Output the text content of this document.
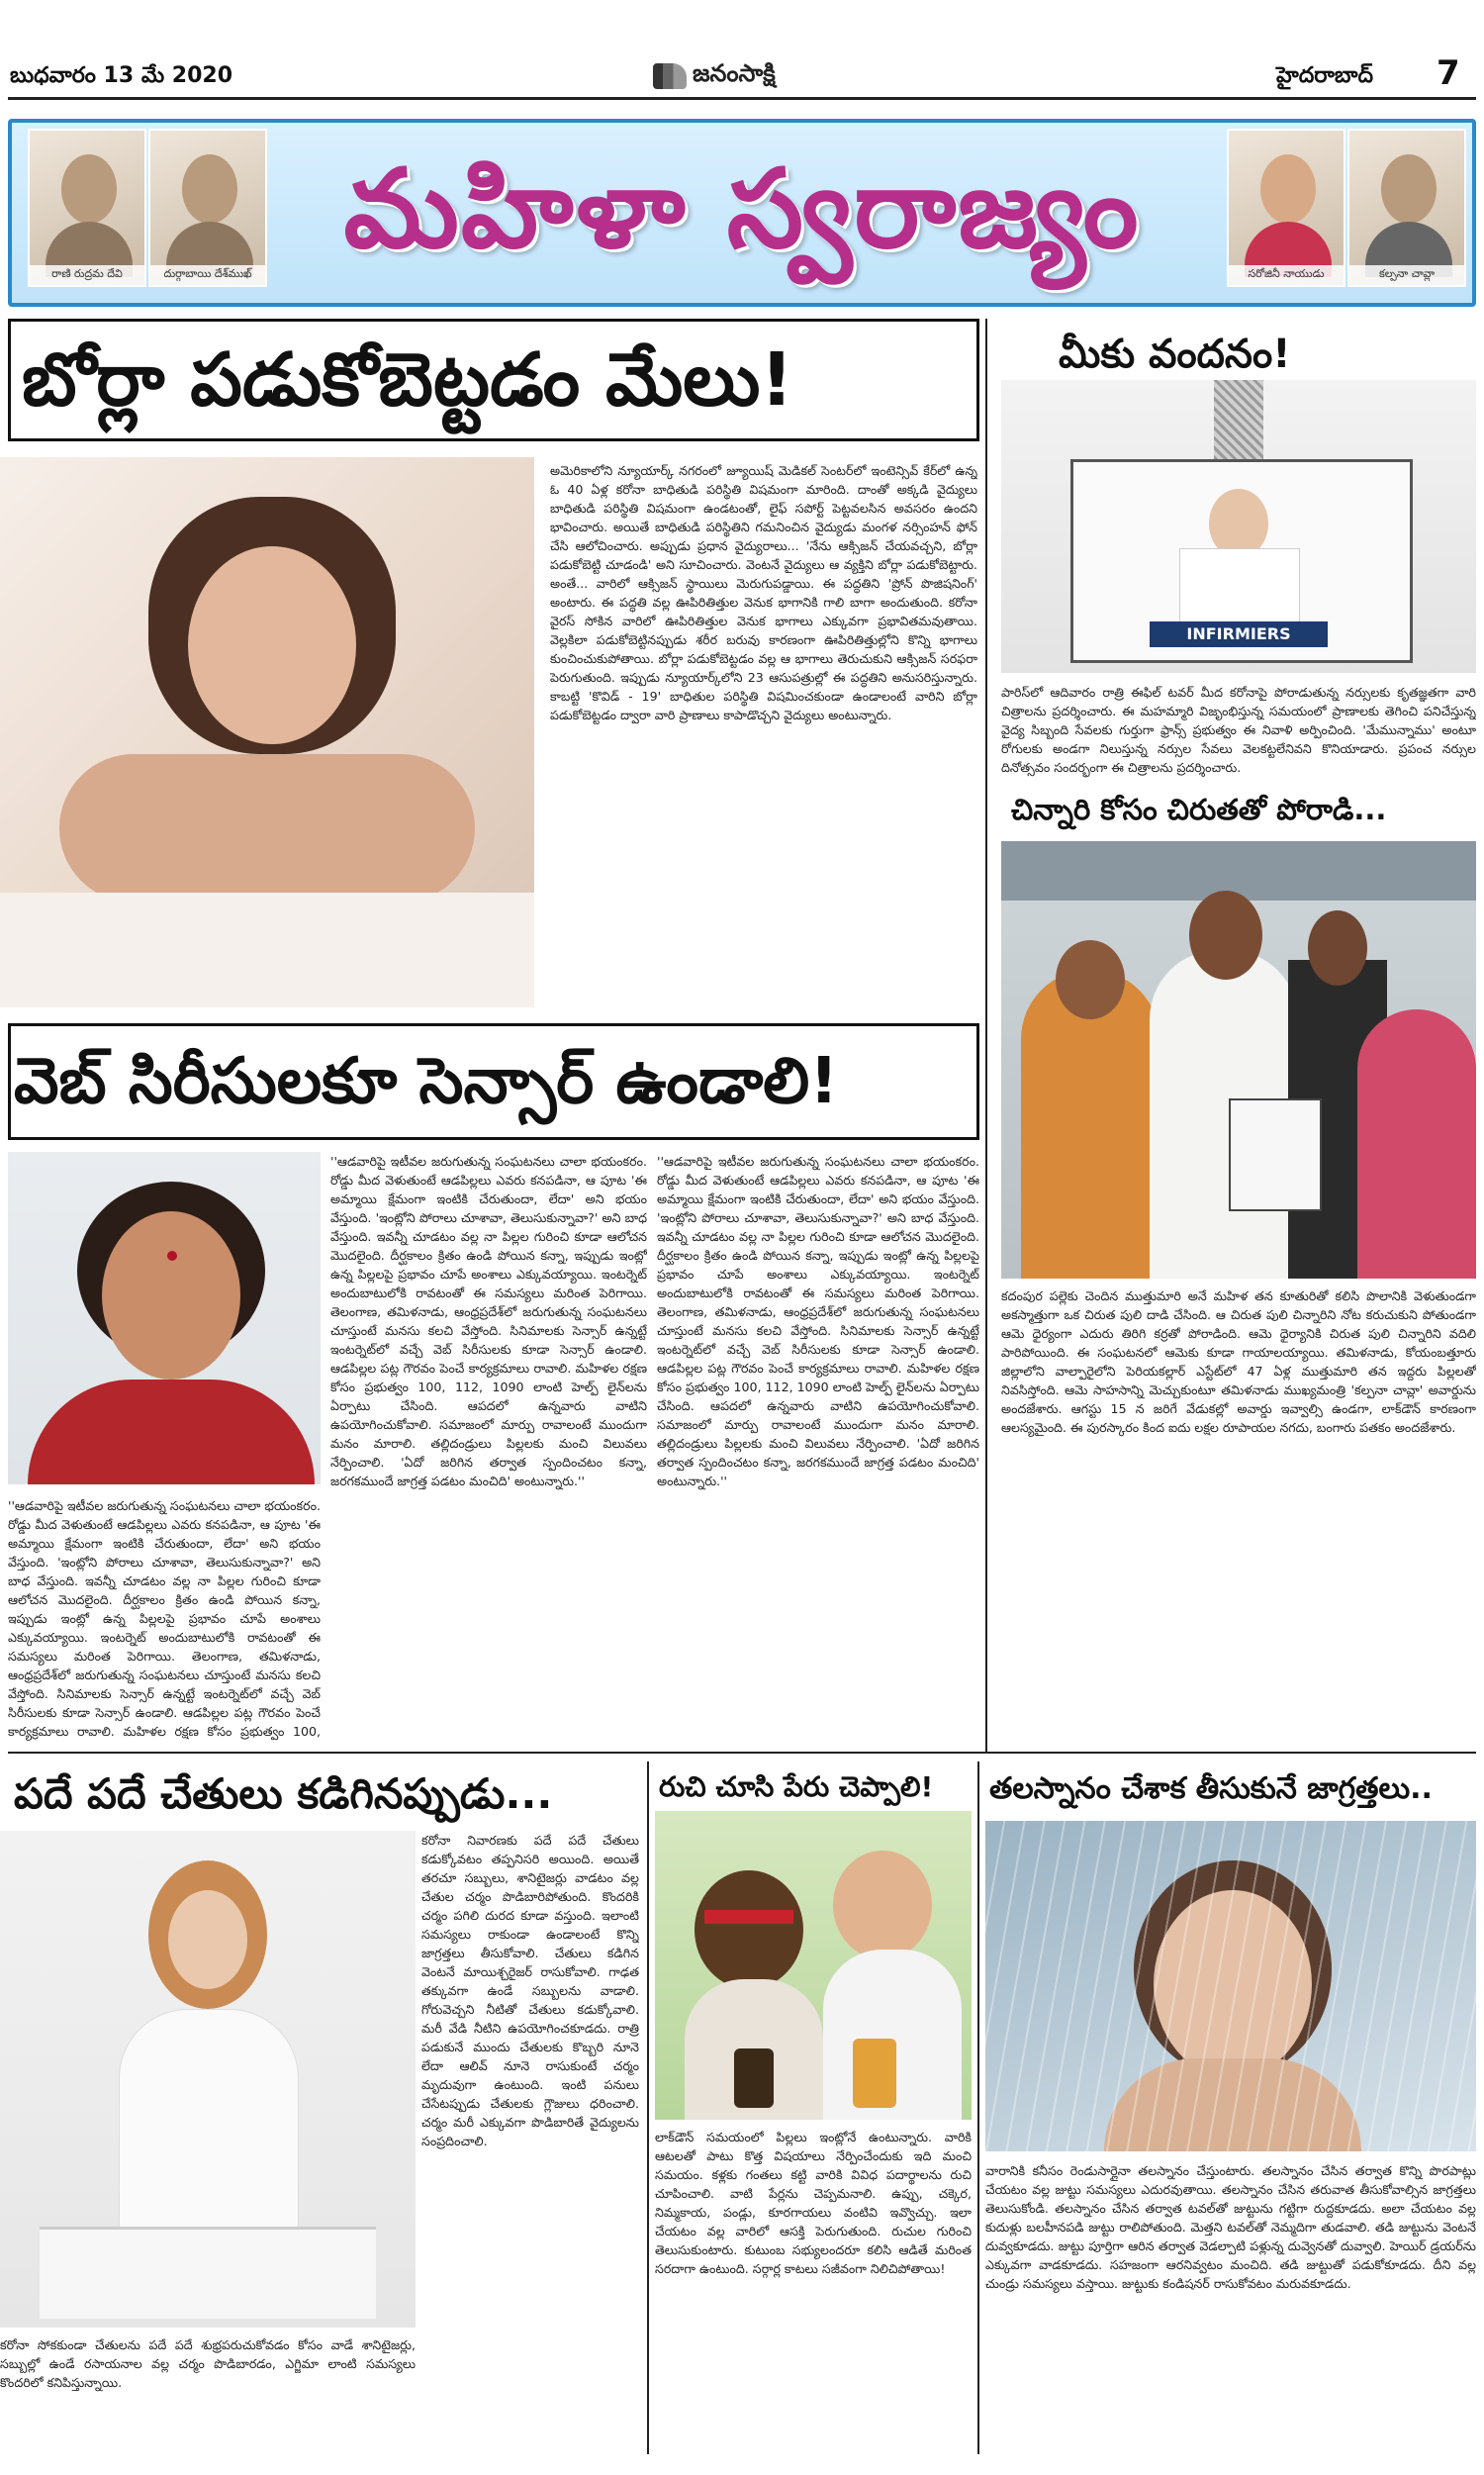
బుధవారం 13 మే 2020	జనంసాక్షి	హైదరాబాద్ 7
రాణి రుద్రమ దేవి	దుర్గాబాయి దేశ్‌ముఖ్	సరోజినీ నాయుడు	కల్పనా చావ్లా
మహిళా స్వరాజ్యం
బోర్లా పడుకోబెట్టడం మేలు!
అమెరికాలోని న్యూయార్క్ నగరంలో జ్యూయిష్ మెడికల్ సెంటర్‌లో ఇంటెన్సివ్ కేర్‌లో ఉన్న ఓ 40 ఏళ్ల కరోనా బాధితుడి పరిస్థితి విషమంగా మారింది. దాంతో అక్కడి వైద్యులు బాధితుడి పరిస్థితి విషమంగా ఉండటంతో, లైఫ్ సపోర్ట్ పెట్టవలసిన అవసరం ఉందని భావించారు. అయితే బాధితుడి పరిస్థితిని గమనించిన వైద్యుడు మంగళ నర్సింహన్ ఫోన్ చేసి ఆలోచించారు. అప్పుడు ప్రధాన వైద్యురాలు... 'నేను ఆక్సిజన్ చేయవచ్చని, బోర్లా పడుకోబెట్టి చూడండి' అని సూచించారు. వెంటనే వైద్యులు ఆ వ్యక్తిని బోర్లా పడుకోబెట్టారు. అంతే... వారిలో ఆక్సిజన్ స్థాయిలు మెరుగుపడ్డాయి. ఈ పద్ధతిని 'ప్రోన్ పొజిషనింగ్' అంటారు. ఈ పద్ధతి వల్ల ఊపిరితిత్తుల వెనుక భాగానికి గాలి బాగా అందుతుంది. కరోనా వైరస్ సోకిన వారిలో ఊపిరితిత్తుల వెనుక భాగాలు ఎక్కువగా ప్రభావితమవుతాయి. వెల్లకిలా పడుకోబెట్టినప్పుడు శరీర బరువు కారణంగా ఊపిరితిత్తుల్లోని కొన్ని భాగాలు కుంచించుకుపోతాయి. బోర్లా పడుకోబెట్టడం వల్ల ఆ భాగాలు తెరుచుకుని ఆక్సిజన్ సరఫరా పెరుగుతుంది. ఇప్పుడు న్యూయార్క్‌లోని 23 ఆసుపత్రుల్లో ఈ పద్ధతిని అనుసరిస్తున్నారు. కాబట్టి 'కొవిడ్ - 19' బాధితుల పరిస్థితి విషమించకుండా ఉండాలంటే వారిని బోర్లా పడుకోబెట్టడం ద్వారా వారి ప్రాణాలు కాపాడొచ్చని వైద్యులు అంటున్నారు.
మీకు వందనం!
INFIRMIERS
పారిస్‌లో ఆదివారం రాత్రి ఈఫిల్ టవర్ మీద కరోనాపై పోరాడుతున్న నర్సులకు కృతజ్ఞతగా వారి చిత్రాలను ప్రదర్శించారు. ఈ మహమ్మారి విజృంభిస్తున్న సమయంలో ప్రాణాలకు తెగించి పనిచేస్తున్న వైద్య సిబ్బంది సేవలకు గుర్తుగా ఫ్రాన్స్ ప్రభుత్వం ఈ నివాళి అర్పించింది. 'మేమున్నాము' అంటూ రోగులకు అండగా నిలుస్తున్న నర్సుల సేవలు వెలకట్టలేనివని కొనియాడారు. ప్రపంచ నర్సుల దినోత్సవం సందర్భంగా ఈ చిత్రాలను ప్రదర్శించారు.
చిన్నారి కోసం చిరుతతో పోరాడి...
కదంపుర పల్లెకు చెందిన ముత్తుమారి అనే మహిళ తన కూతురితో కలిసి పొలానికి వెళుతుండగా అకస్మాత్తుగా ఒక చిరుత పులి దాడి చేసింది. ఆ చిరుత పులి చిన్నారిని నోట కరుచుకుని పోతుండగా ఆమె ధైర్యంగా ఎదురు తిరిగి కర్రతో పోరాడింది. ఆమె ధైర్యానికి చిరుత పులి చిన్నారిని వదిలి పారిపోయింది. ఈ సంఘటనలో ఆమెకు కూడా గాయాలయ్యాయి. తమిళనాడు, కోయంబత్తూరు జిల్లాలోని వాల్పారైలోని పెరియకల్లార్ ఎస్టేట్‌లో 47 ఏళ్ల ముత్తుమారి తన ఇద్దరు పిల్లలతో నివసిస్తోంది. ఆమె సాహసాన్ని మెచ్చుకుంటూ తమిళనాడు ముఖ్యమంత్రి 'కల్పనా చావ్లా' అవార్డును అందజేశారు. ఆగస్టు 15 న జరిగే వేడుకల్లో అవార్డు ఇవ్వాల్సి ఉండగా, లాక్‌డౌన్ కారణంగా ఆలస్యమైంది. ఈ పురస్కారం కింద ఐదు లక్షల రూపాయల నగదు, బంగారు పతకం అందజేశారు.
వెబ్ సిరీసులకూ సెన్సార్ ఉండాలి!
''ఆడవారిపై ఇటీవల జరుగుతున్న సంఘటనలు చాలా భయంకరం. రోడ్డు మీద వెళుతుంటే ఆడపిల్లలు ఎవరు కనపడినా, ఆ పూట 'ఈ అమ్మాయి క్షేమంగా ఇంటికి చేరుతుందా, లేదా' అని భయం వేస్తుంది. 'ఇంట్లోని పోరాలు చూశావా, తెలుసుకున్నావా?' అని బాధ వేస్తుంది. ఇవన్నీ చూడటం వల్ల నా పిల్లల గురించి కూడా ఆలోచన మొదలైంది. దీర్ఘకాలం క్రితం ఉండి పోయిన కన్నా, ఇప్పుడు ఇంట్లో ఉన్న పిల్లలపై ప్రభావం చూపే అంశాలు ఎక్కువయ్యాయి. ఇంటర్నెట్ అందుబాటులోకి రావటంతో ఈ సమస్యలు మరింత పెరిగాయి. తెలంగాణ, తమిళనాడు, ఆంధ్రప్రదేశ్‌లో జరుగుతున్న సంఘటనలు చూస్తుంటే మనసు కలచి వేస్తోంది. సినిమాలకు సెన్సార్ ఉన్నట్టే ఇంటర్నెట్‌లో వచ్చే వెబ్ సిరీసులకు కూడా సెన్సార్ ఉండాలి. ఆడపిల్లల పట్ల గౌరవం పెంచే కార్యక్రమాలు రావాలి. మహిళల రక్షణ కోసం ప్రభుత్వం 100,
''ఆడవారిపై ఇటీవల జరుగుతున్న సంఘటనలు చాలా భయంకరం. రోడ్డు మీద వెళుతుంటే ఆడపిల్లలు ఎవరు కనపడినా, ఆ పూట 'ఈ అమ్మాయి క్షేమంగా ఇంటికి చేరుతుందా, లేదా' అని భయం వేస్తుంది. 'ఇంట్లోని పోరాలు చూశావా, తెలుసుకున్నావా?' అని బాధ వేస్తుంది. ఇవన్నీ చూడటం వల్ల నా పిల్లల గురించి కూడా ఆలోచన మొదలైంది. దీర్ఘకాలం క్రితం ఉండి పోయిన కన్నా, ఇప్పుడు ఇంట్లో ఉన్న పిల్లలపై ప్రభావం చూపే అంశాలు ఎక్కువయ్యాయి. ఇంటర్నెట్ అందుబాటులోకి రావటంతో ఈ సమస్యలు మరింత పెరిగాయి. తెలంగాణ, తమిళనాడు, ఆంధ్రప్రదేశ్‌లో జరుగుతున్న సంఘటనలు చూస్తుంటే మనసు కలచి వేస్తోంది. సినిమాలకు సెన్సార్ ఉన్నట్టే ఇంటర్నెట్‌లో వచ్చే వెబ్ సిరీసులకు కూడా సెన్సార్ ఉండాలి. ఆడపిల్లల పట్ల గౌరవం పెంచే కార్యక్రమాలు రావాలి. మహిళల రక్షణ కోసం ప్రభుత్వం 100, 112, 1090 లాంటి హెల్ప్ లైన్‌లను ఏర్పాటు చేసింది. ఆపదలో ఉన్నవారు వాటిని ఉపయోగించుకోవాలి. సమాజంలో మార్పు రావాలంటే ముందుగా మనం మారాలి. తల్లిదండ్రులు పిల్లలకు మంచి విలువలు నేర్పించాలి. 'ఏదో జరిగిన తర్వాత స్పందించటం కన్నా, జరగకముందే జాగ్రత్త పడటం మంచిది' అంటున్నారు.''
''ఆడవారిపై ఇటీవల జరుగుతున్న సంఘటనలు చాలా భయంకరం. రోడ్డు మీద వెళుతుంటే ఆడపిల్లలు ఎవరు కనపడినా, ఆ పూట 'ఈ అమ్మాయి క్షేమంగా ఇంటికి చేరుతుందా, లేదా' అని భయం వేస్తుంది. 'ఇంట్లోని పోరాలు చూశావా, తెలుసుకున్నావా?' అని బాధ వేస్తుంది. ఇవన్నీ చూడటం వల్ల నా పిల్లల గురించి కూడా ఆలోచన మొదలైంది. దీర్ఘకాలం క్రితం ఉండి పోయిన కన్నా, ఇప్పుడు ఇంట్లో ఉన్న పిల్లలపై ప్రభావం చూపే అంశాలు ఎక్కువయ్యాయి. ఇంటర్నెట్ అందుబాటులోకి రావటంతో ఈ సమస్యలు మరింత పెరిగాయి. తెలంగాణ, తమిళనాడు, ఆంధ్రప్రదేశ్‌లో జరుగుతున్న సంఘటనలు చూస్తుంటే మనసు కలచి వేస్తోంది. సినిమాలకు సెన్సార్ ఉన్నట్టే ఇంటర్నెట్‌లో వచ్చే వెబ్ సిరీసులకు కూడా సెన్సార్ ఉండాలి. ఆడపిల్లల పట్ల గౌరవం పెంచే కార్యక్రమాలు రావాలి. మహిళల రక్షణ కోసం ప్రభుత్వం 100, 112, 1090 లాంటి హెల్ప్ లైన్‌లను ఏర్పాటు చేసింది. ఆపదలో ఉన్నవారు వాటిని ఉపయోగించుకోవాలి. సమాజంలో మార్పు రావాలంటే ముందుగా మనం మారాలి. తల్లిదండ్రులు పిల్లలకు మంచి విలువలు నేర్పించాలి. 'ఏదో జరిగిన తర్వాత స్పందించటం కన్నా, జరగకముందే జాగ్రత్త పడటం మంచిది' అంటున్నారు.''
పదే పదే చేతులు కడిగినప్పుడు...
కరోనా సోకకుండా చేతులను పదే పదే శుభ్రపరుచుకోవడం కోసం వాడే శానిటైజర్లు, సబ్బుల్లో ఉండే రసాయనాల వల్ల చర్మం పొడిబారడం, ఎగ్జిమా లాంటి సమస్యలు కొందరిలో కనిపిస్తున్నాయి.
కరోనా నివారణకు పదే పదే చేతులు కడుక్కోవటం తప్పనిసరి అయింది. అయితే తరచూ సబ్బులు, శానిటైజర్లు వాడటం వల్ల చేతుల చర్మం పొడిబారిపోతుంది. కొందరికి చర్మం పగిలి దురద కూడా వస్తుంది. ఇలాంటి సమస్యలు రాకుండా ఉండాలంటే కొన్ని జాగ్రత్తలు తీసుకోవాలి. చేతులు కడిగిన వెంటనే మాయిశ్చరైజర్ రాసుకోవాలి. గాఢత తక్కువగా ఉండే సబ్బులను వాడాలి. గోరువెచ్చని నీటితో చేతులు కడుక్కోవాలి. మరీ వేడి నీటిని ఉపయోగించకూడదు. రాత్రి పడుకునే ముందు చేతులకు కొబ్బరి నూనె లేదా ఆలివ్ నూనె రాసుకుంటే చర్మం మృదువుగా ఉంటుంది. ఇంటి పనులు చేసేటప్పుడు చేతులకు గ్లౌజులు ధరించాలి. చర్మం మరీ ఎక్కువగా పొడిబారితే వైద్యులను సంప్రదించాలి.
రుచి చూసి పేరు చెప్పాలి!
లాక్‌డౌన్ సమయంలో పిల్లలు ఇంట్లోనే ఉంటున్నారు. వారికి ఆటలతో పాటు కొత్త విషయాలు నేర్పించేందుకు ఇది మంచి సమయం. కళ్లకు గంతలు కట్టి వారికి వివిధ పదార్థాలను రుచి చూపించాలి. వాటి పేర్లను చెప్పమనాలి. ఉప్పు, చక్కెర, నిమ్మకాయ, పండ్లు, కూరగాయలు వంటివి ఇవ్వొచ్చు. ఇలా చేయటం వల్ల వారిలో ఆసక్తి పెరుగుతుంది. రుచుల గురించి తెలుసుకుంటారు. కుటుంబ సభ్యులందరూ కలిసి ఆడితే మరింత సరదాగా ఉంటుంది. సర్గార్ల కాటలు సజీవంగా నిలిచిపోతాయి!
తలస్నానం చేశాక తీసుకునే జాగ్రత్తలు..
వారానికి కనీసం రెండుసార్లైనా తలస్నానం చేస్తుంటారు. తలస్నానం చేసిన తర్వాత కొన్ని పొరపాట్లు చేయటం వల్ల జుట్టు సమస్యలు ఎదురవుతాయి. తలస్నానం చేసిన తరువాత తీసుకోవాల్సిన జాగ్రత్తలు తెలుసుకోండి. తలస్నానం చేసిన తర్వాత టవల్‌తో జుట్టును గట్టిగా రుద్దకూడదు. అలా చేయటం వల్ల కుదుళ్లు బలహీనపడి జుట్టు రాలిపోతుంది. మెత్తని టవల్‌తో నెమ్మదిగా తుడవాలి. తడి జుట్టును వెంటనే దువ్వకూడదు. జుట్టు పూర్తిగా ఆరిన తర్వాత వెడల్పాటి పళ్లున్న దువ్వెనతో దువ్వాలి. హెయిర్ డ్రయర్‌ను ఎక్కువగా వాడకూడదు. సహజంగా ఆరనివ్వటం మంచిది. తడి జుట్టుతో పడుకోకూడదు. దీని వల్ల చుండ్రు సమస్యలు వస్తాయి. జుట్టుకు కండిషనర్ రాసుకోవటం మరువకూడదు.
